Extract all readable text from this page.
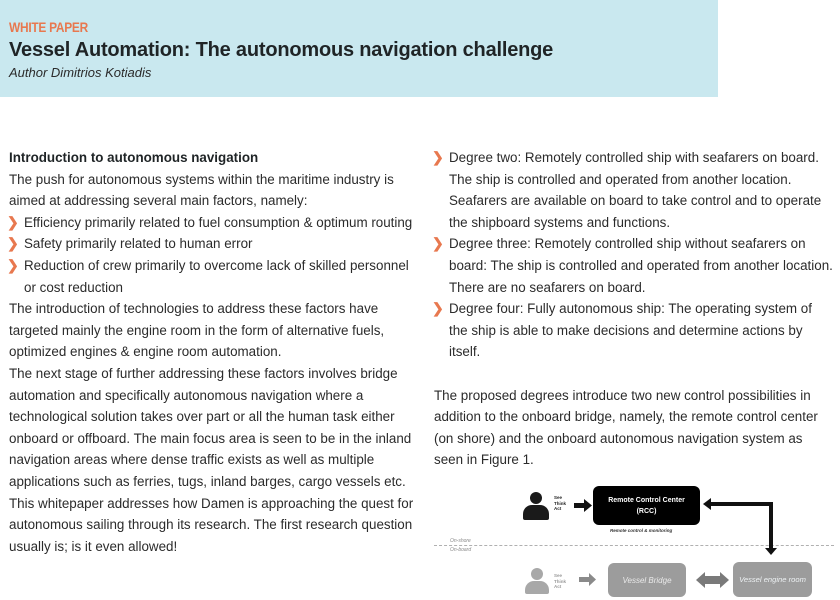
WHITE PAPER
Vessel Automation: The autonomous navigation challenge
Author Dimitrios Kotiadis
Introduction to autonomous navigation

The push for autonomous systems within the maritime industry is aimed at addressing several main factors, namely:

❯ Efficiency primarily related to fuel consumption & optimum routing
❯ Safety primarily related to human error
❯ Reduction of crew primarily to overcome lack of skilled personnel or cost reduction

The introduction of technologies to address these factors have targeted mainly the engine room in the form of alternative fuels, optimized engines & engine room automation.

The next stage of further addressing these factors involves bridge automation and specifically autonomous navigation where a technological solution takes over part or all the human task either onboard or offboard. The main focus area is seen to be in the inland navigation areas where dense traffic exists as well as multiple applications such as ferries, tugs, inland barges, cargo vessels etc. This whitepaper addresses how Damen is approaching the quest for autonomous sailing through its research. The first research question usually is; is it even allowed!

❯ Degree two: Remotely controlled ship with seafarers on board. The ship is controlled and operated from another location. Seafarers are available on board to take control and to operate the shipboard systems and functions.
❯ Degree three: Remotely controlled ship without seafarers on board: The ship is controlled and operated from another location. There are no seafarers on board.
❯ Degree four: Fully autonomous ship: The operating system of the ship is able to make decisions and determine actions by itself.

The proposed degrees introduce two new control possibilities in addition to the onboard bridge, namely, the remote control center (on shore) and the onboard autonomous navigation system as seen in Figure 1.

On-shore
On-board
See
Think
Act
Remote Control Center
(RCC)
Remote control & monitoring
See
Think
Act
Vessel Bridge	Vessel engine room
